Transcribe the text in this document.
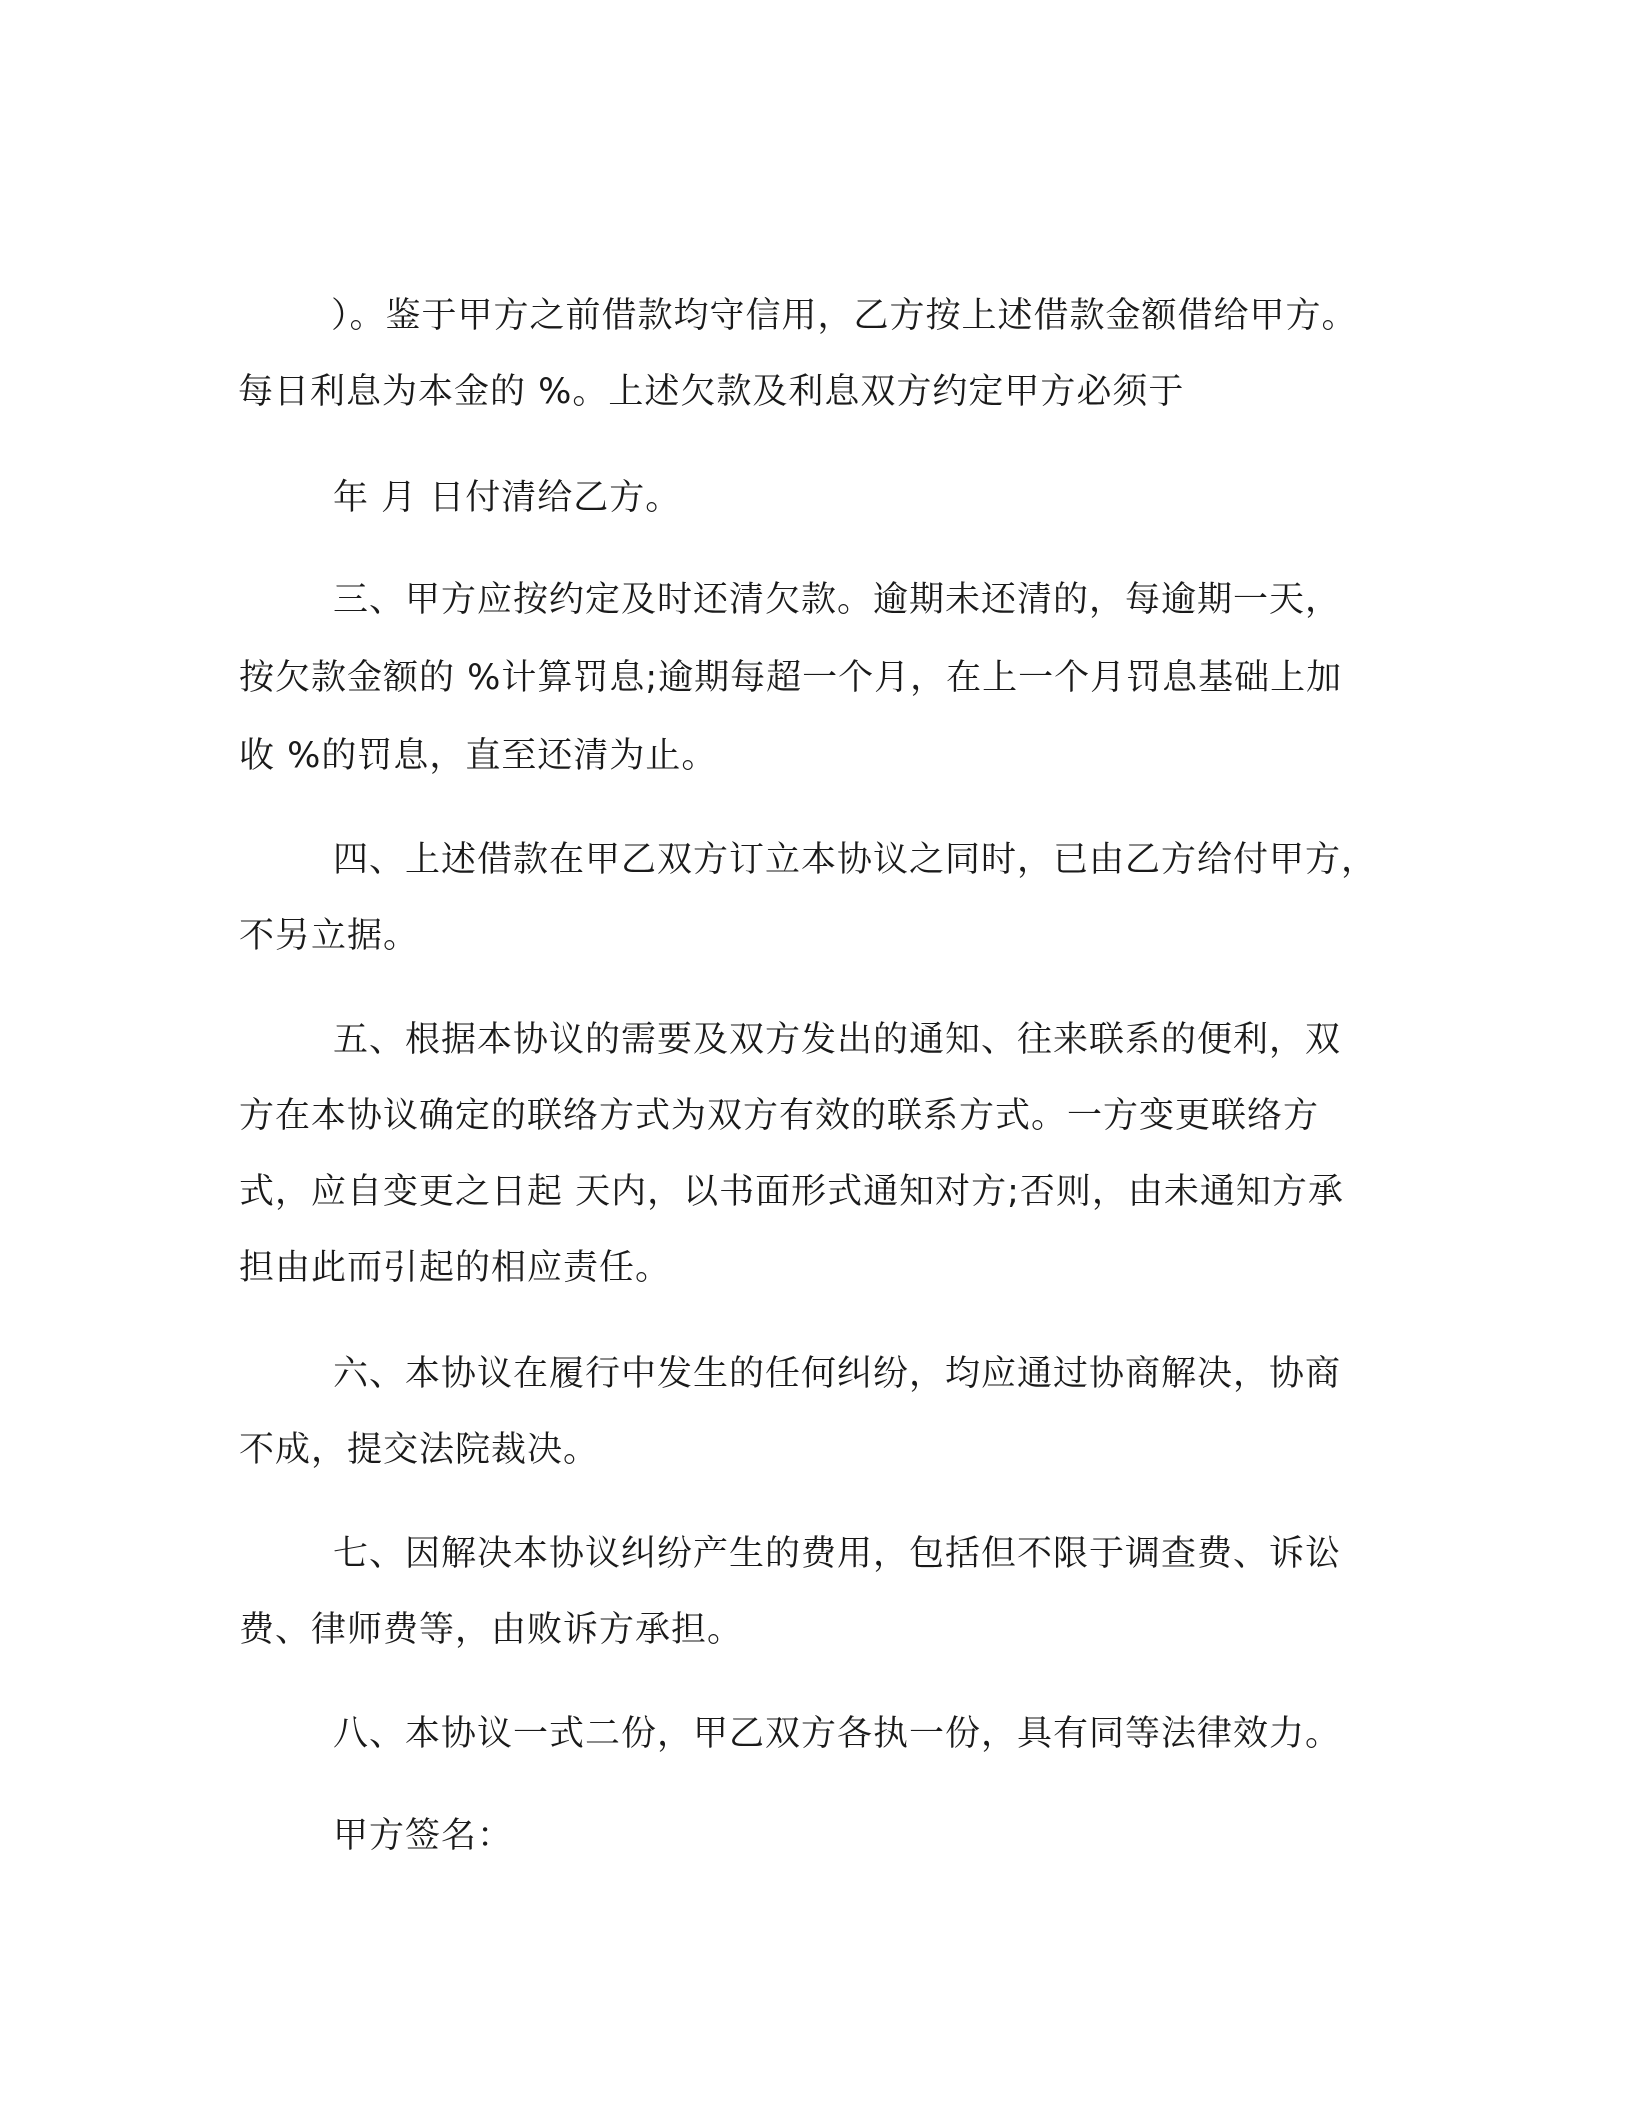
）。鉴于甲方之前借款均守信用，乙方按上述借款金额借给甲方。
每日利息为本金的 %。上述欠款及利息双方约定甲方必须于
年 月 日付清给乙方。
三、甲方应按约定及时还清欠款。逾期未还清的，每逾期一天，
按欠款金额的 %计算罚息;逾期每超一个月，在上一个月罚息基础上加
收 %的罚息，直至还清为止。
四、上述借款在甲乙双方订立本协议之同时，已由乙方给付甲方，
不另立据。
五、根据本协议的需要及双方发出的通知、往来联系的便利，双
方在本协议确定的联络方式为双方有效的联系方式。一方变更联络方
式，应自变更之日起 天内，以书面形式通知对方;否则，由未通知方承
担由此而引起的相应责任。
六、本协议在履行中发生的任何纠纷，均应通过协商解决，协商
不成，提交法院裁决。
七、因解决本协议纠纷产生的费用，包括但不限于调查费、诉讼
费、律师费等，由败诉方承担。
八、本协议一式二份，甲乙双方各执一份，具有同等法律效力。
甲方签名：
